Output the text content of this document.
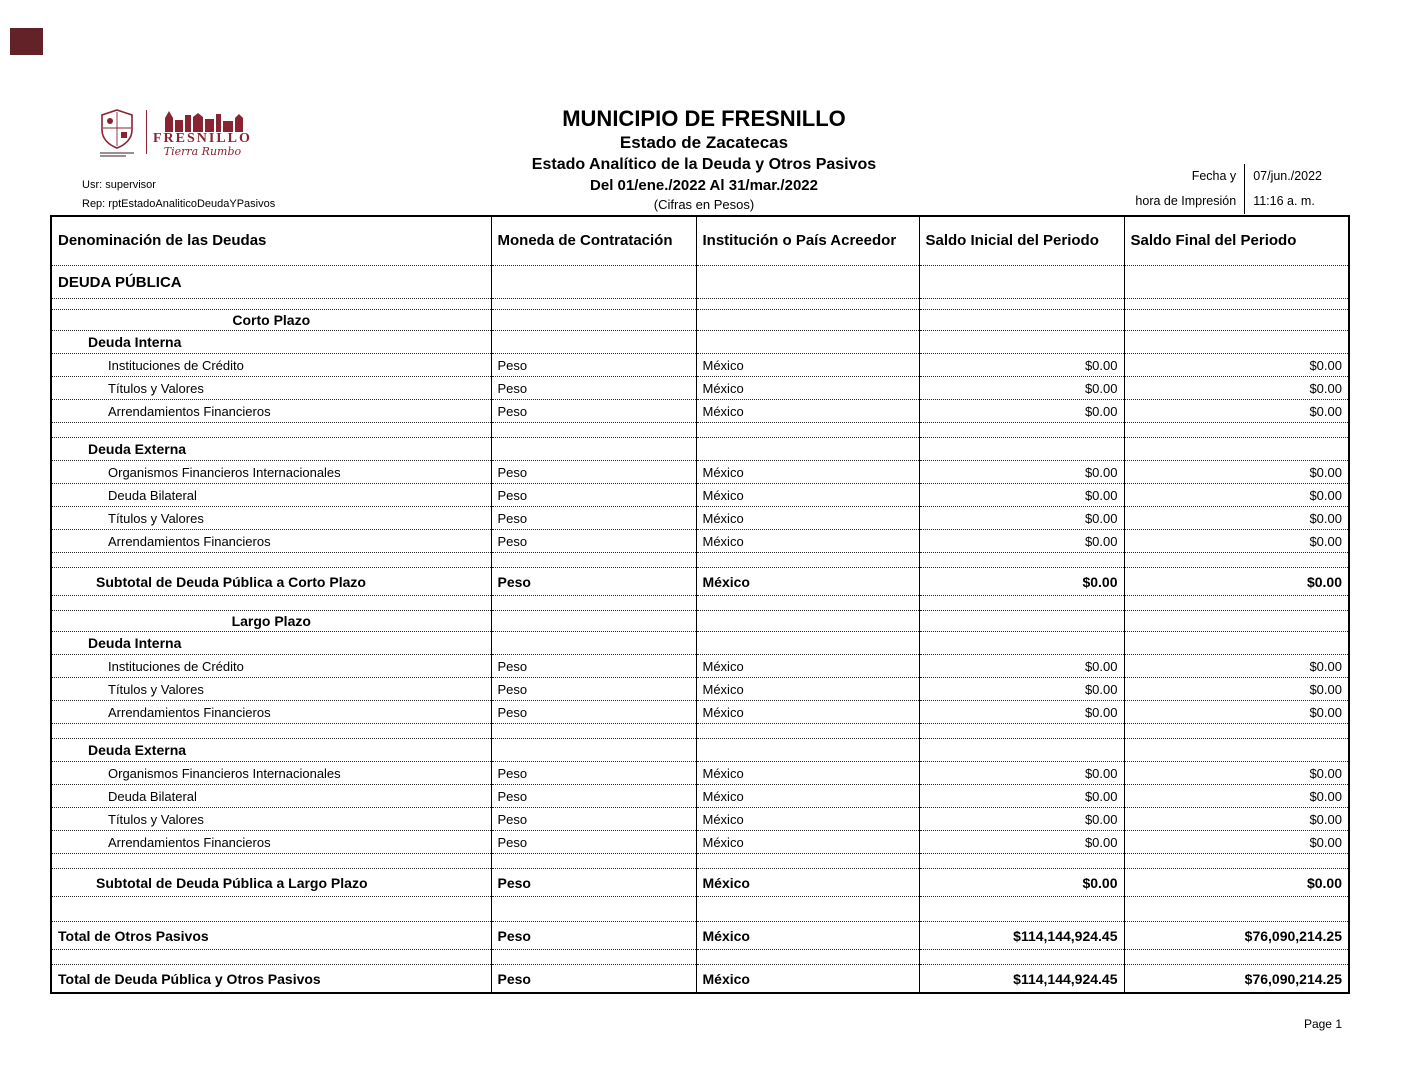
FRESNILLO
Tierra Rumbo
MUNICIPIO DE FRESNILLO
Estado de Zacatecas
Estado Analítico de la Deuda y Otros Pasivos
Del 01/ene./2022 Al 31/mar./2022
(Cifras en Pesos)
Usr: supervisor
Rep: rptEstadoAnaliticoDeudaYPasivos
Fecha y
hora de Impresión
07/jun./2022
11:16 a. m.
Denominación de las Deudas	Moneda de Contratación	Institución o País Acreedor	Saldo Inicial del Periodo	Saldo Final del Periodo
DEUDA PÚBLICA				

Corto Plazo				
Deuda Interna				
Instituciones de Crédito	Peso	México	$0.00	$0.00
Títulos y Valores	Peso	México	$0.00	$0.00
Arrendamientos Financieros	Peso	México	$0.00	$0.00

Deuda Externa				
Organismos Financieros Internacionales	Peso	México	$0.00	$0.00
Deuda Bilateral	Peso	México	$0.00	$0.00
Títulos y Valores	Peso	México	$0.00	$0.00
Arrendamientos Financieros	Peso	México	$0.00	$0.00

Subtotal de Deuda Pública a Corto Plazo	Peso	México	$0.00	$0.00

Largo Plazo				
Deuda Interna				
Instituciones de Crédito	Peso	México	$0.00	$0.00
Títulos y Valores	Peso	México	$0.00	$0.00
Arrendamientos Financieros	Peso	México	$0.00	$0.00

Deuda Externa				
Organismos Financieros Internacionales	Peso	México	$0.00	$0.00
Deuda Bilateral	Peso	México	$0.00	$0.00
Títulos y Valores	Peso	México	$0.00	$0.00
Arrendamientos Financieros	Peso	México	$0.00	$0.00

Subtotal de Deuda Pública a Largo Plazo	Peso	México	$0.00	$0.00

Total de Otros Pasivos	Peso	México	$114,144,924.45	$76,090,214.25

Total de Deuda Pública y Otros Pasivos	Peso	México	$114,144,924.45	$76,090,214.25
Page 1
